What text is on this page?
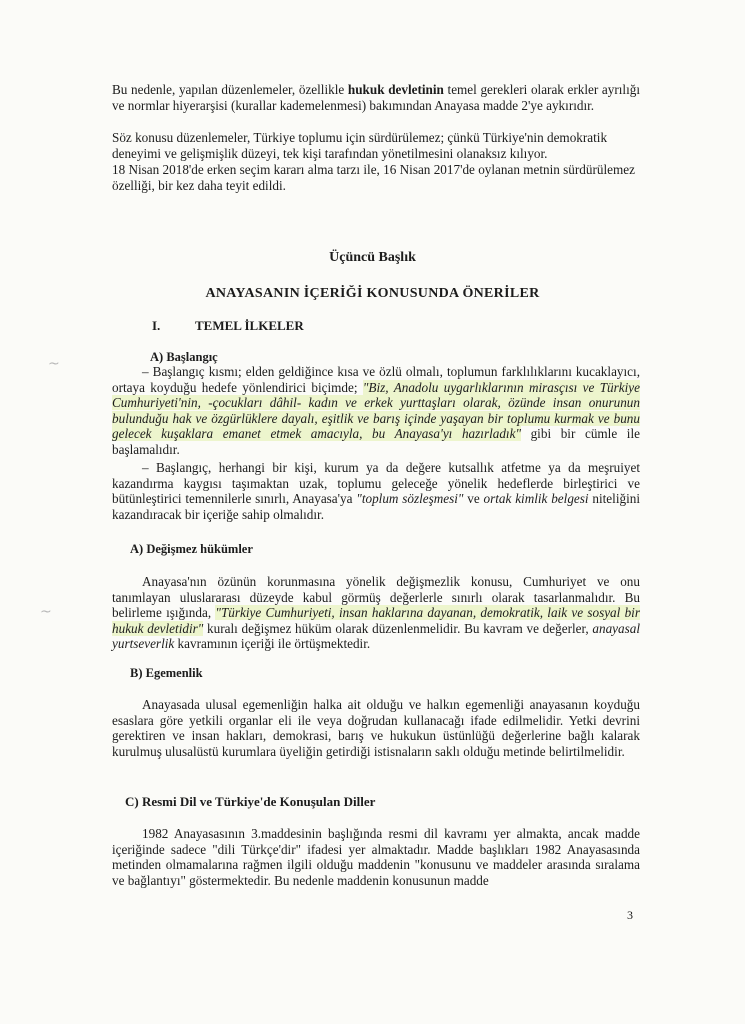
Bu nedenle, yapılan düzenlemeler, özellikle hukuk devletinin temel gerekleri olarak erkler ayrılığı ve normlar hiyerarşisi (kurallar kademelenmesi) bakımından Anayasa madde 2'ye aykırıdır.
Söz konusu düzenlemeler, Türkiye toplumu için sürdürülemez; çünkü Türkiye'nin demokratik deneyimi ve gelişmişlik düzeyi, tek kişi tarafından yönetilmesini olanaksız kılıyor.
18 Nisan 2018'de erken seçim kararı alma tarzı ile, 16 Nisan 2017'de oylanan metnin sürdürülemez özelliği, bir kez daha teyit edildi.
Üçüncü Başlık
ANAYASANIN İÇERİĞİ KONUSUNDA ÖNERİLER
I.	TEMEL İLKELER
A) Başlangıç
– Başlangıç kısmı; elden geldiğince kısa ve özlü olmalı, toplumun farklılıklarını kucaklayıcı, ortaya koyduğu hedefe yönlendirici biçimde; "Biz, Anadolu uygarlıklarının mirasçısı ve Türkiye Cumhuriyeti'nin, -çocukları dâhil- kadın ve erkek yurttaşları olarak, özünde insan onurunun bulunduğu hak ve özgürlüklere dayalı, eşitlik ve barış içinde yaşayan bir toplumu kurmak ve bunu gelecek kuşaklara emanet etmek amacıyla, bu Anayasa'yı hazırladık" gibi bir cümle ile başlamalıdır.
– Başlangıç, herhangi bir kişi, kurum ya da değere kutsallık atfetme ya da meşruiyet kazandırma kaygısı taşımaktan uzak, toplumu geleceğe yönelik hedeflerde birleştirici ve bütünleştirici temennilerle sınırlı, Anayasa'ya "toplum sözleşmesi" ve ortak kimlik belgesi niteliğini kazandıracak bir içeriğe sahip olmalıdır.
A) Değişmez hükümler
Anayasa'nın özünün korunmasına yönelik değişmezlik konusu, Cumhuriyet ve onu tanımlayan uluslararası düzeyde kabul görmüş değerlerle sınırlı olarak tasarlanmalıdır. Bu belirleme ışığında, "Türkiye Cumhuriyeti, insan haklarına dayanan, demokratik, laik ve sosyal bir hukuk devletidir" kuralı değişmez hüküm olarak düzenlenmelidir. Bu kavram ve değerler, anayasal yurtseverlik kavramının içeriği ile örtüşmektedir.
B) Egemenlik
Anayasada ulusal egemenliğin halka ait olduğu ve halkın egemenliği anayasanın koyduğu esaslara göre yetkili organlar eli ile veya doğrudan kullanacağı ifade edilmelidir. Yetki devrini gerektiren ve insan hakları, demokrasi, barış ve hukukun üstünlüğü değerlerine bağlı kalarak kurulmuş ulusalüstü kurumlara üyeliğin getirdiği istisnaların saklı olduğu metinde belirtilmelidir.
C) Resmi Dil ve Türkiye'de Konuşulan Diller
1982 Anayasasının 3.maddesinin başlığında resmi dil kavramı yer almakta, ancak madde içeriğinde sadece "dili Türkçe'dir" ifadesi yer almaktadır. Madde başlıkları 1982 Anayasasında metinden olmamalarına rağmen ilgili olduğu maddenin "konusunu ve maddeler arasında sıralama ve bağlantıyı" göstermektedir. Bu nedenle maddenin konusunun madde
3
~
~
